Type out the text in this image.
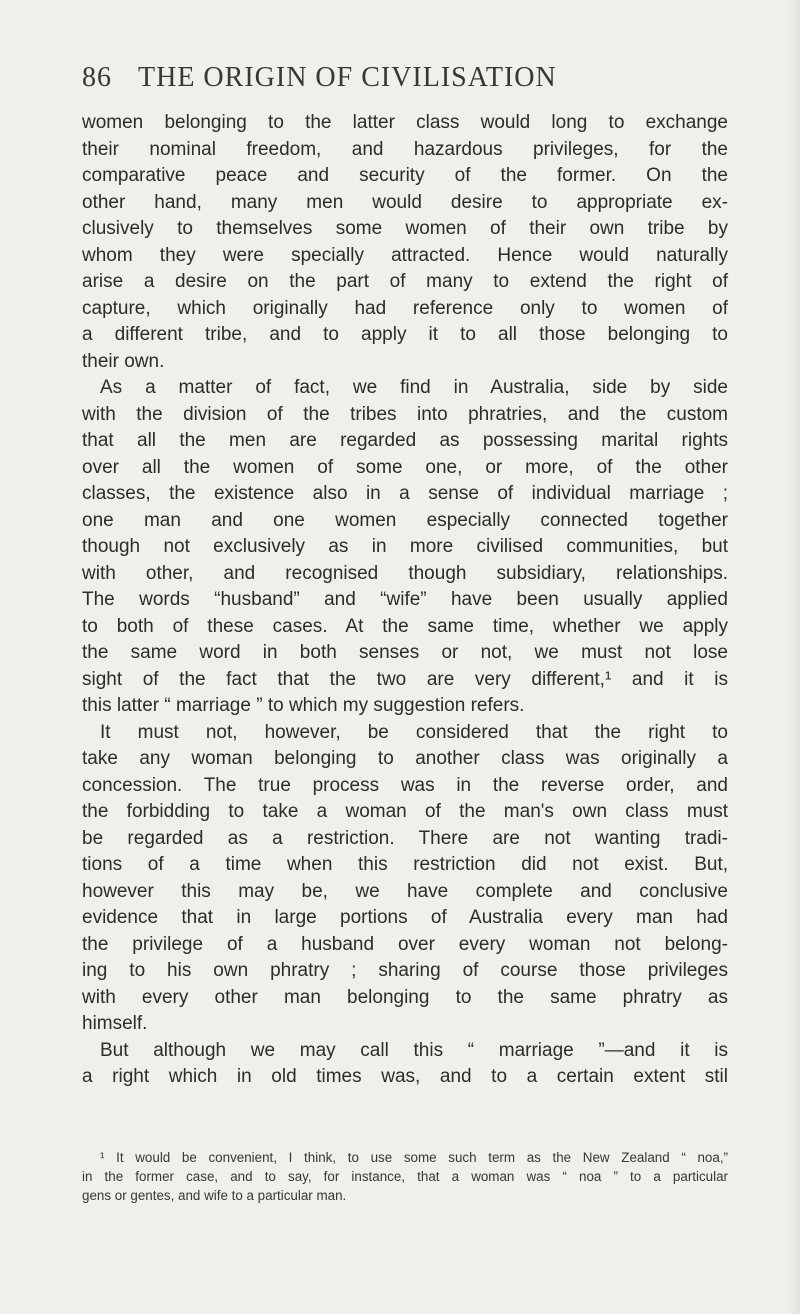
86 THE ORIGIN OF CIVILISATION
women belonging to the latter class would long to exchange
their nominal freedom, and hazardous privileges, for the
comparative peace and security of the former. On the
other hand, many men would desire to appropriate ex-
clusively to themselves some women of their own tribe by
whom they were specially attracted. Hence would naturally
arise a desire on the part of many to extend the right of
capture, which originally had reference only to women of
a different tribe, and to apply it to all those belonging to
their own.
As a matter of fact, we find in Australia, side by side
with the division of the tribes into phratries, and the custom
that all the men are regarded as possessing marital rights
over all the women of some one, or more, of the other
classes, the existence also in a sense of individual marriage ;
one man and one women especially connected together
though not exclusively as in more civilised communities, but
with other, and recognised though subsidiary, relationships.
The words “husband” and “wife” have been usually applied
to both of these cases. At the same time, whether we apply
the same word in both senses or not, we must not lose
sight of the fact that the two are very different,¹ and it is
this latter “ marriage ” to which my suggestion refers.
It must not, however, be considered that the right to
take any woman belonging to another class was originally a
concession. The true process was in the reverse order, and
the forbidding to take a woman of the man's own class must
be regarded as a restriction. There are not wanting tradi-
tions of a time when this restriction did not exist. But,
however this may be, we have complete and conclusive
evidence that in large portions of Australia every man had
the privilege of a husband over every woman not belong-
ing to his own phratry ; sharing of course those privileges
with every other man belonging to the same phratry as
himself.
But although we may call this “ marriage ”—and it is
a right which in old times was, and to a certain extent stil
¹ It would be convenient, I think, to use some such term as the New Zealand “ noa,”
in the former case, and to say, for instance, that a woman was “ noa ” to a particular
gens or gentes, and wife to a particular man.
